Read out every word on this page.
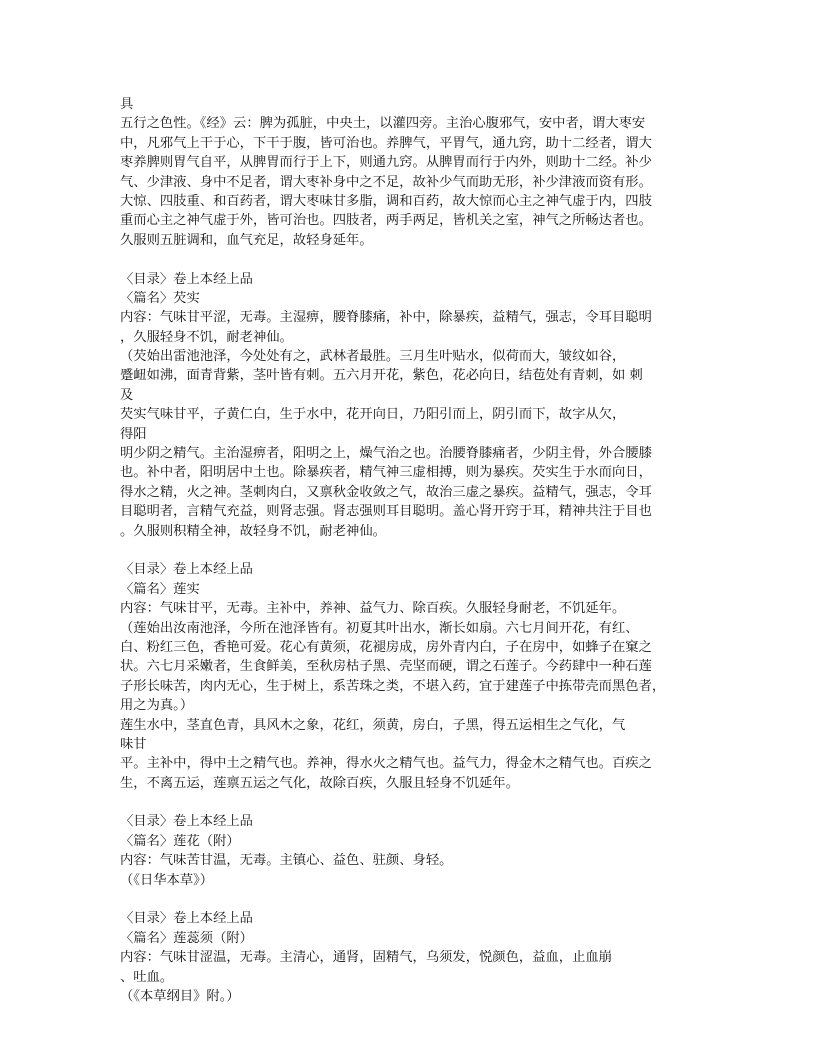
具
五行之色性。《经》云：脾为孤脏，中央土，以灌四旁。主治心腹邪气，安中者，谓大枣安
中，凡邪气上干于心，下干于腹，皆可治也。养脾气，平胃气，通九窍，助十二经者，谓大
枣养脾则胃气自平，从脾胃而行于上下，则通九窍。从脾胃而行于内外，则助十二经。补少
气、少津液、身中不足者，谓大枣补身中之不足，故补少气而助无形，补少津液而资有形。
大惊、四肢重、和百药者，谓大枣味甘多脂，调和百药，故大惊而心主之神气虚于内，四肢
重而心主之神气虚于外，皆可治也。四肢者，两手两足，皆机关之室，神气之所畅达者也。
久服则五脏调和，血气充足，故轻身延年。
〈目录〉卷上本经上品
〈篇名〉芡实
内容：气味甘平涩，无毒。主湿痹，腰脊膝痛，补中，除暴疾，益精气，强志，令耳目聪明
，久服轻身不饥，耐老神仙。
（芡始出雷池池泽，今处处有之，武林者最胜。三月生叶贴水，似荷而大，皱纹如谷，
蹙衄如沸，面青背紫，茎叶皆有刺。五六月开花，紫色，花必向日，结苞处有青刺，如 刺
及
芡实气味甘平，子黄仁白，生于水中，花开向日，乃阳引而上，阴引而下，故字从欠，
得阳
明少阴之精气。主治湿痹者，阳明之上，燥气治之也。治腰脊膝痛者，少阴主骨，外合腰膝
也。补中者，阳明居中土也。除暴疾者，精气神三虚相搏，则为暴疾。芡实生于水而向日，
得水之精，火之神。茎刺肉白，又禀秋金收敛之气，故治三虚之暴疾。益精气，强志，令耳
目聪明者，言精气充益，则肾志强。肾志强则耳目聪明。盖心肾开窍于耳，精神共注于目也
。久服则积精全神，故轻身不饥，耐老神仙。
〈目录〉卷上本经上品
〈篇名〉莲实
内容：气味甘平，无毒。主补中，养神、益气力、除百疾。久服轻身耐老，不饥延年。
（莲始出汝南池泽，今所在池泽皆有。初夏其叶出水，渐长如扇。六七月间开花，有红、
白、粉红三色，香艳可爱。花心有黄须，花褪房成，房外青内白，子在房中，如蜂子在窠之
状。六七月采嫩者，生食鲜美，至秋房枯子黑、壳坚而硬，谓之石莲子。今药肆中一种石莲
子形长味苦，肉内无心，生于树上，系苦珠之类，不堪入药，宜于建莲子中拣带壳而黑色者，
用之为真。）
莲生水中，茎直色青，具风木之象，花红，须黄，房白，子黑，得五运相生之气化，气
味甘
平。主补中，得中土之精气也。养神，得水火之精气也。益气力，得金木之精气也。百疾之
生，不离五运，莲禀五运之气化，故除百疾，久服且轻身不饥延年。
〈目录〉卷上本经上品
〈篇名〉莲花（附）
内容：气味苦甘温，无毒。主镇心、益色、驻颜、身轻。
（《日华本草》）
〈目录〉卷上本经上品
〈篇名〉莲蕊须（附）
内容：气味甘涩温，无毒。主清心，通肾，固精气，乌须发，悦颜色，益血，止血崩
、吐血。
（《本草纲目》附。）
